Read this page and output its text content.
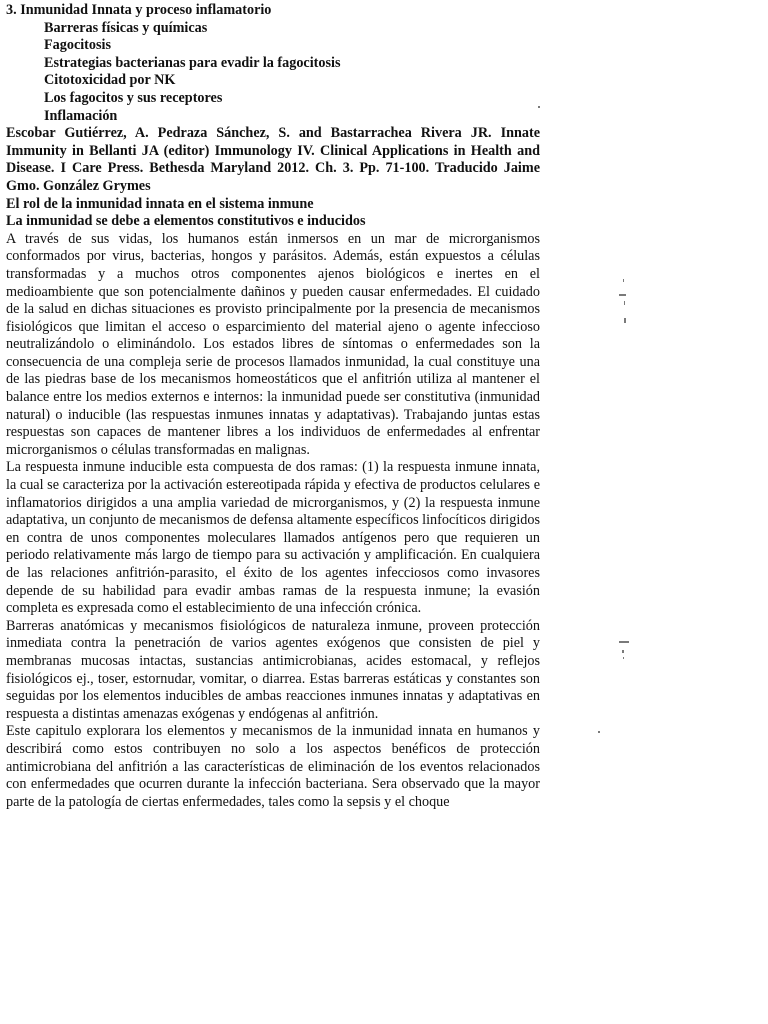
3. Inmunidad Innata y proceso inflamatorio
Barreras físicas y químicas
Fagocitosis
Estrategias bacterianas para evadir la fagocitosis
Citotoxicidad por NK
Los fagocitos y sus receptores
Inflamación

Escobar Gutiérrez, A. Pedraza Sánchez, S. and Bastarrachea Rivera JR. Innate Immunity in Bellanti JA (editor) Immunology IV. Clinical Applications in Health and Disease. I Care Press. Bethesda Maryland 2012. Ch. 3. Pp. 71-100. Traducido Jaime Gmo. González Grymes

El rol de la inmunidad innata en el sistema inmune

La inmunidad se debe a elementos constitutivos e inducidos

A través de sus vidas, los humanos están inmersos en un mar de microrganismos conformados por virus, bacterias, hongos y parásitos. Además, están expuestos a células transformadas y a muchos otros componentes ajenos biológicos e inertes en el medioambiente que son potencialmente dañinos y pueden causar enfermedades. El cuidado de la salud en dichas situaciones es provisto principalmente por la presencia de mecanismos fisiológicos que limitan el acceso o esparcimiento del material ajeno o agente infeccioso neutralizándolo o eliminándolo. Los estados libres de síntomas o enfermedades son la consecuencia de una compleja serie de procesos llamados inmunidad, la cual constituye una de las piedras base de los mecanismos homeostáticos que el anfitrión utiliza al mantener el balance entre los medios externos e internos: la inmunidad puede ser constitutiva (inmunidad natural) o inducible (las respuestas inmunes innatas y adaptativas). Trabajando juntas estas respuestas son capaces de mantener libres a los individuos de enfermedades al enfrentar microrganismos o células transformadas en malignas.

La respuesta inmune inducible esta compuesta de dos ramas: (1) la respuesta inmune innata, la cual se caracteriza por la activación estereotipada rápida y efectiva de productos celulares e inflamatorios dirigidos a una amplia variedad de microrganismos, y (2) la respuesta inmune adaptativa, un conjunto de mecanismos de defensa altamente específicos linfocíticos dirigidos en contra de unos componentes moleculares llamados antígenos pero que requieren un periodo relativamente más largo de tiempo para su activación y amplificación. En cualquiera de las relaciones anfitrión-parasito, el éxito de los agentes infecciosos como invasores depende de su habilidad para evadir ambas ramas de la respuesta inmune; la evasión completa es expresada como el establecimiento de una infección crónica.

Barreras anatómicas y mecanismos fisiológicos de naturaleza inmune, proveen protección inmediata contra la penetración de varios agentes exógenos que consisten de piel y membranas mucosas intactas, sustancias antimicrobianas, acides estomacal, y reflejos fisiológicos ej., toser, estornudar, vomitar, o diarrea. Estas barreras estáticas y constantes son seguidas por los elementos inducibles de ambas reacciones inmunes innatas y adaptativas en respuesta a distintas amenazas exógenas y endógenas al anfitrión.

Este capitulo explorara los elementos y mecanismos de la inmunidad innata en humanos y describirá como estos contribuyen no solo a los aspectos benéficos de protección antimicrobiana del anfitrión a las características de eliminación de los eventos relacionados con enfermedades que ocurren durante la infección bacteriana. Sera observado que la mayor parte de la patología de ciertas enfermedades, tales como la sepsis y el choque
